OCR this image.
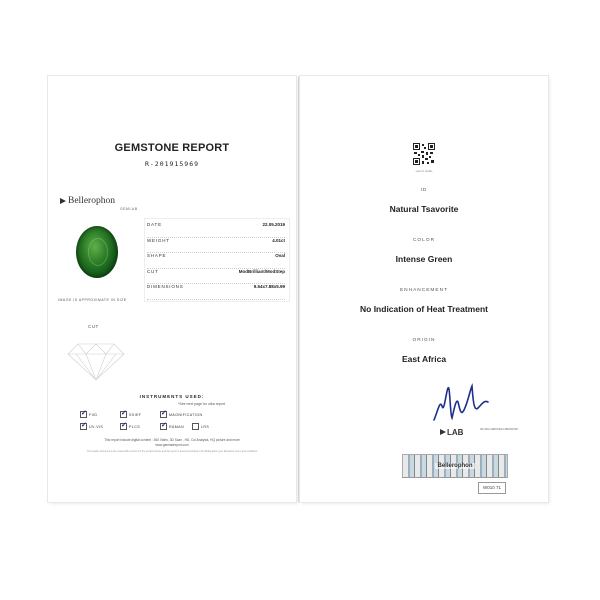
GEMSTONE REPORT
R-201915969
Bellerophon
GEMLAB
IMAGE IS APPROXIMATE IN SIZE
DATE	22.05.2019
WEIGHT	4.01ct
SHAPE	Oval
CUT	ModBrilliant/ModStep
DIMENSIONS	9.54x7.88x5.99
CUT
INSTRUMENTS USED:
*See next page for ultra report
✓
FIID ✓	SSIEF ✓	MAGNIFICATION
✓
UV-VIS ✓	PLCS ✓	RAMAN	LRS
This report include digital content : 360 Video, 3D Scan , HD, Col Analysis, HQ picture and more
www.gemlabreport.com
The header document is the responsible service for the product clients and the report is issued according to the Bellerophon gem laboratory terms and conditions
scan for details
ID
Natural Tsavorite
COLOR
Intense Green
ENHANCEMENT
No Indication of Heat Treatment
ORIGIN
East Africa
LAB	ISO 9001 CERTIFIED LABORATORY
Bellerophon
W010 71
